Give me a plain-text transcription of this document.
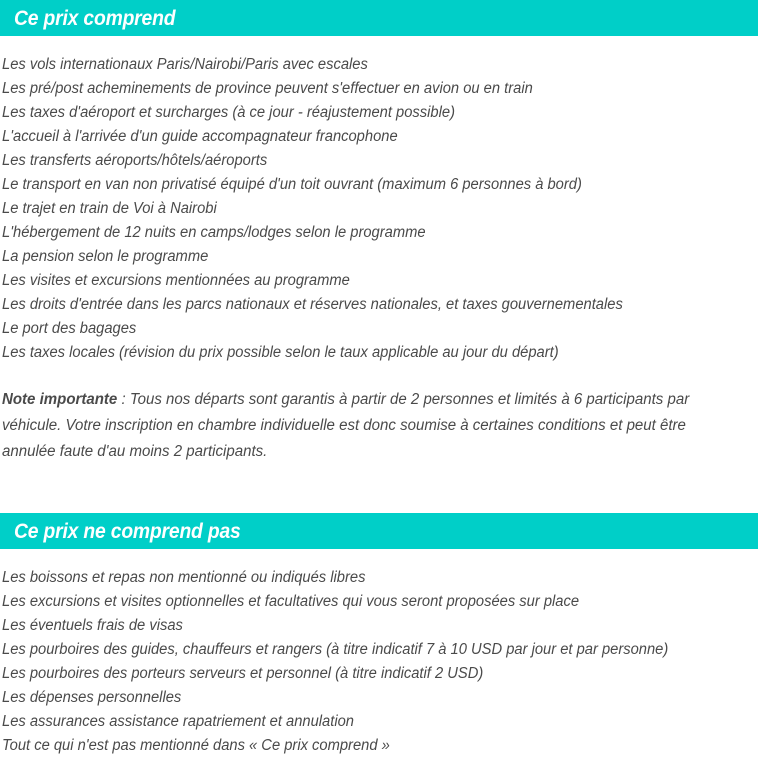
Ce prix comprend
Les vols internationaux Paris/Nairobi/Paris avec escales
Les pré/post acheminements de province peuvent s'effectuer en avion ou en train
Les taxes d'aéroport et surcharges (à ce jour - réajustement possible)
L'accueil à l'arrivée d'un guide accompagnateur francophone
Les transferts aéroports/hôtels/aéroports
Le transport en van non privatisé équipé d'un toit ouvrant (maximum 6 personnes à bord)
Le trajet en train de Voi à Nairobi
L'hébergement de 12 nuits en camps/lodges selon le programme
La pension selon le programme
Les visites et excursions mentionnées au programme
Les droits d'entrée dans les parcs nationaux et réserves nationales, et taxes gouvernementales
Le port des bagages
Les taxes locales (révision du prix possible selon le taux applicable au jour du départ)

Note importante : Tous nos départs sont garantis à partir de 2 personnes et limités à 6 participants par véhicule. Votre inscription en chambre individuelle est donc soumise à certaines conditions et peut être annulée faute d'au moins 2 participants.

Ce prix ne comprend pas
Les boissons et repas non mentionné ou indiqués libres
Les excursions et visites optionnelles et facultatives qui vous seront proposées sur place
Les éventuels frais de visas
Les pourboires des guides, chauffeurs et rangers (à titre indicatif 7 à 10 USD par jour et par personne)
Les pourboires des porteurs serveurs et personnel (à titre indicatif 2 USD)
Les dépenses personnelles
Les assurances assistance rapatriement et annulation
Tout ce qui n'est pas mentionné dans « Ce prix comprend »
